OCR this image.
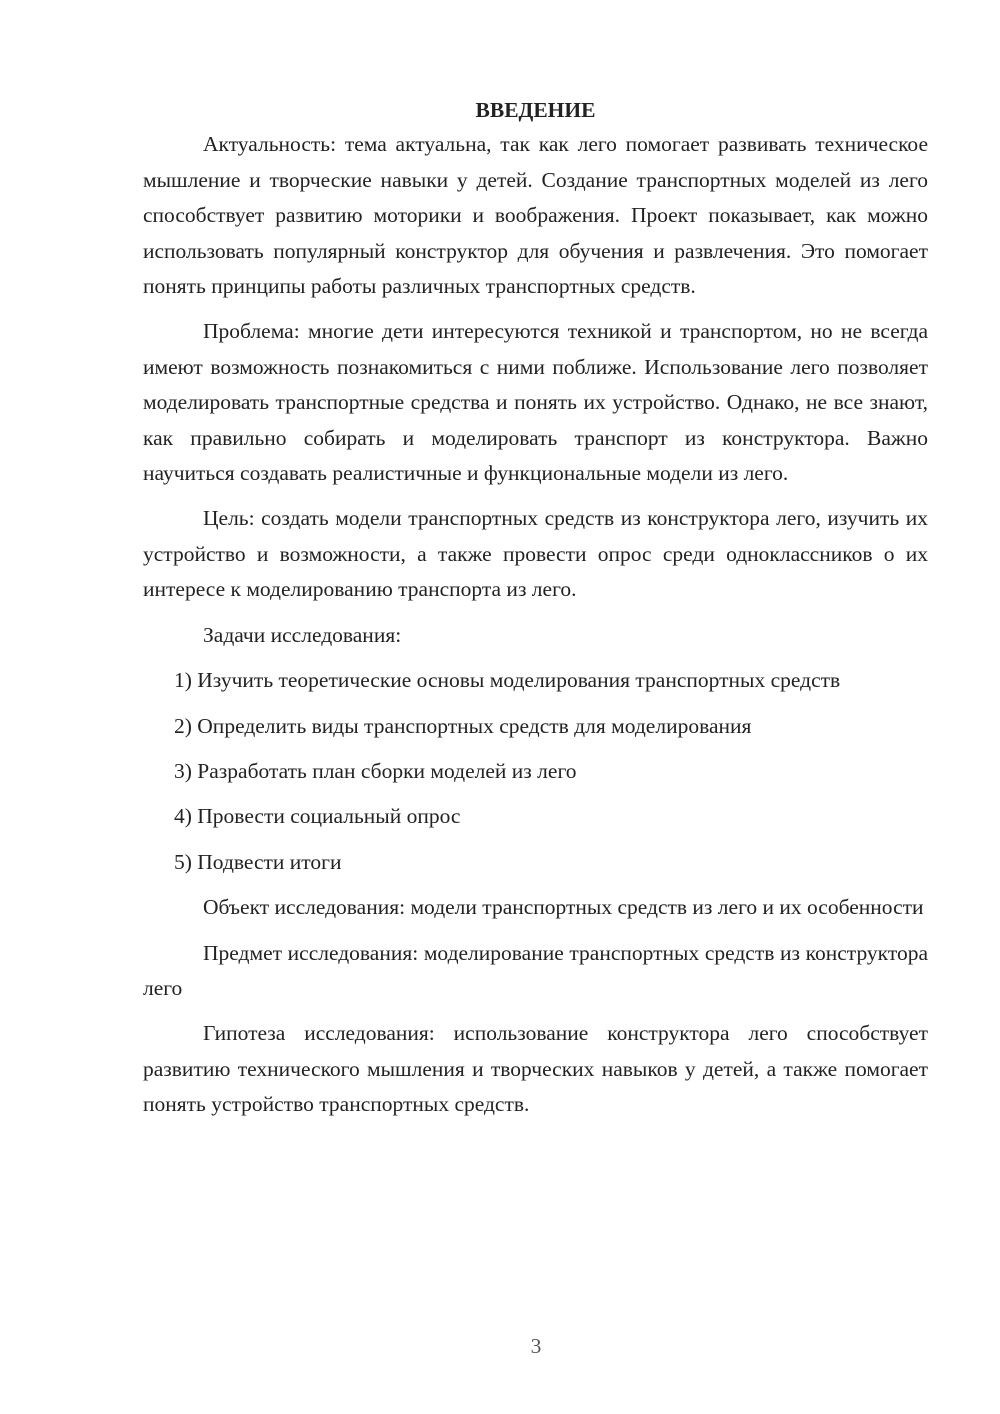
ВВЕДЕНИЕ

Актуальность: тема актуальна, так как лего помогает развивать техническое мышление и творческие навыки у детей. Создание транспортных моделей из лего способствует развитию моторики и воображения. Проект показывает, как можно использовать популярный конструктор для обучения и развлечения. Это помогает понять принципы работы различных транспортных средств.

Проблема: многие дети интересуются техникой и транспортом, но не всегда имеют возможность познакомиться с ними поближе. Использование лего позволяет моделировать транспортные средства и понять их устройство. Однако, не все знают, как правильно собирать и моделировать транспорт из конструктора. Важно научиться создавать реалистичные и функциональные модели из лего.

Цель: создать модели транспортных средств из конструктора лего, изучить их устройство и возможности, а также провести опрос среди одноклассников о их интересе к моделированию транспорта из лего.

Задачи исследования:

1) Изучить теоретические основы моделирования транспортных средств

2) Определить виды транспортных средств для моделирования

3) Разработать план сборки моделей из лего

4) Провести социальный опрос

5) Подвести итоги

Объект исследования: модели транспортных средств из лего и их особенности

Предмет исследования: моделирование транспортных средств из конструктора лего

Гипотеза исследования: использование конструктора лего способствует развитию технического мышления и творческих навыков у детей, а также помогает понять устройство транспортных средств.

3
